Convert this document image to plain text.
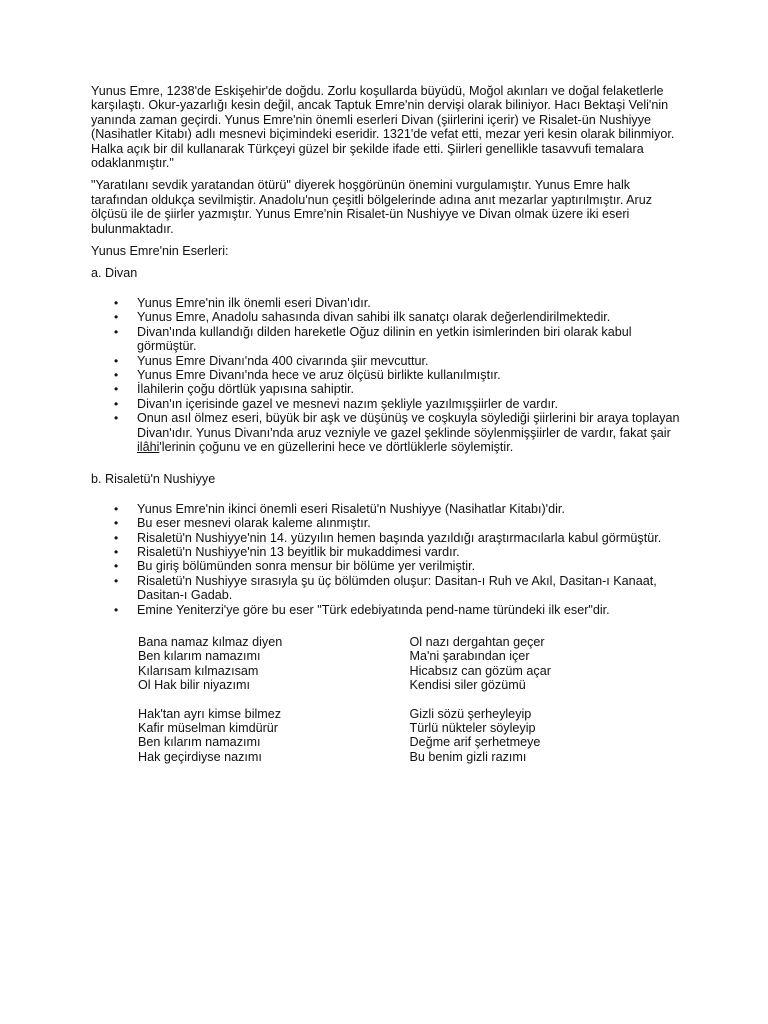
Yunus Emre, 1238'de Eskişehir'de doğdu. Zorlu koşullarda büyüdü, Moğol akınları ve doğal felaketlerle karşılaştı. Okur-yazarlığı kesin değil, ancak Taptuk Emre'nin dervişi olarak biliniyor. Hacı Bektaşi Veli'nin yanında zaman geçirdi. Yunus Emre'nin önemli eserleri Divan (şiirlerini içerir) ve Risalet-ün Nushiyye (Nasihatler Kitabı) adlı mesnevi biçimindeki eseridir. 1321'de vefat etti, mezar yeri kesin olarak bilinmiyor. Halka açık bir dil kullanarak Türkçeyi güzel bir şekilde ifade etti. Şiirleri genellikle tasavvufi temalara odaklanmıştır."

"Yaratılanı sevdik yaratandan ötürü" diyerek hoşgörünün önemini vurgulamıştır. Yunus Emre halk tarafından oldukça sevilmiştir. Anadolu'nun çeşitli bölgelerinde adına anıt mezarlar yaptırılmıştır. Aruz ölçüsü ile de şiirler yazmıştır. Yunus Emre'nin Risalet-ün Nushiyye ve Divan olmak üzere iki eseri bulunmaktadır.

Yunus Emre'nin Eserleri:

a. Divan

• Yunus Emre'nin ilk önemli eseri Divan'ıdır.
• Yunus Emre, Anadolu sahasında divan sahibi ilk sanatçı olarak değerlendirilmektedir.
• Divan'ında kullandığı dilden hareketle Oğuz dilinin en yetkin isimlerinden biri olarak kabul görmüştür.
• Yunus Emre Divanı'nda 400 civarında şiir mevcuttur.
• Yunus Emre Divanı'nda hece ve aruz ölçüsü birlikte kullanılmıştır.
• İlahilerin çoğu dörtlük yapısına sahiptir.
• Divan'ın içerisinde gazel ve mesnevi nazım şekliyle yazılmışşiirler de vardır.
• Onun asıl ölmez eseri, büyük bir aşk ve düşünüş ve coşkuyla söylediği şiirlerini bir araya toplayan Divan'ıdır. Yunus Divanı'nda aruz vezniyle ve gazel şeklinde söylenmişşiirler de vardır, fakat şair ilâhi'lerinin çoğunu ve en güzellerini hece ve dörtlüklerle söylemiştir.

b. Risaletü'n Nushiyye

• Yunus Emre'nin ikinci önemli eseri Risaletü'n Nushiyye (Nasihatlar Kitabı)'dir.
• Bu eser mesnevi olarak kaleme alınmıştır.
• Risaletü'n Nushiyye'nin 14. yüzyılın hemen başında yazıldığı araştırmacılarla kabul görmüştür.
• Risaletü'n Nushiyye'nin 13 beyitlik bir mukaddimesi vardır.
• Bu giriş bölümünden sonra mensur bir bölüme yer verilmiştir.
• Risaletü'n Nushiyye sırasıyla şu üç bölümden oluşur: Dasitan-ı Ruh ve Akıl, Dasitan-ı Kanaat, Dasitan-ı Gadab.
• Emine Yeniterzi'ye göre bu eser "Türk edebiyatında pend-name türündeki ilk eser"dir.
Bana namaz kılmaz diyen
Ben kılarım namazımı
Kılarısam kılmazısam
Ol Hak bilir niyazımı
Ol nazı dergahtan geçer
Ma'ni şarabından içer
Hicabsız can gözüm açar
Kendisi siler gözümü
Hak'tan ayrı kimse bilmez
Kafir müselman kimdürür
Ben kılarım namazımı
Hak geçirdiyse nazımı
Gizli sözü şerheyleyip
Türlü nükteler söyleyip
Değme arif şerhetmeye
Bu benim gizli razımı
